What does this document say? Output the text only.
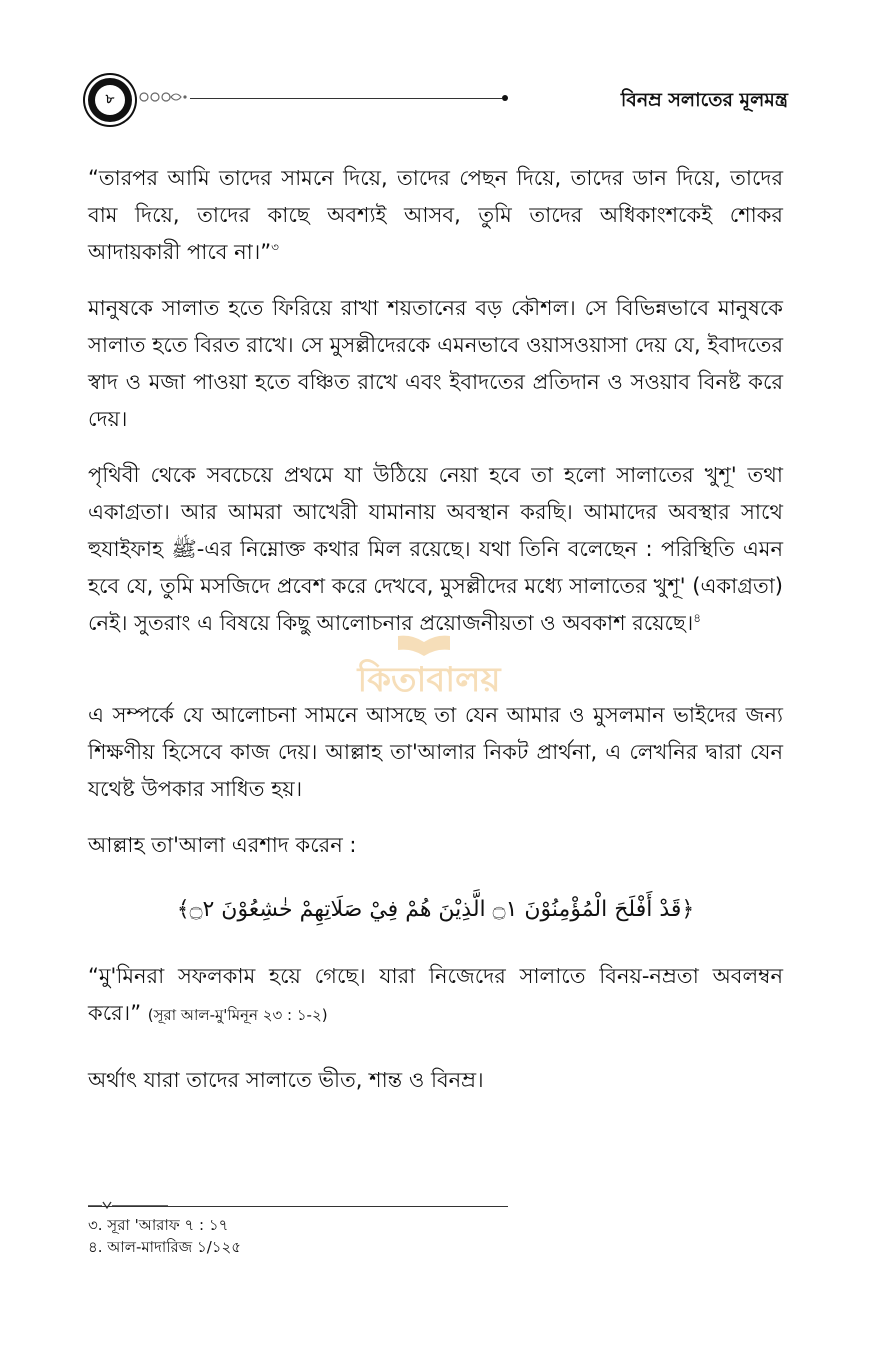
৮	বিনম্র সলাতের মূলমন্ত্র
“তারপর আমি তাদের সামনে দিয়ে, তাদের পেছন দিয়ে, তাদের ডান দিয়ে, তাদের বাম দিয়ে, তাদের কাছে অবশ্যই আসব, তুমি তাদের অধিকাংশকেই শোকর আদায়কারী পাবে না।”$^৩$
মানুষকে সালাত হতে ফিরিয়ে রাখা শয়তানের বড় কৌশল। সে বিভিন্নভাবে মানুষকে সালাত হতে বিরত রাখে। সে মুসল্লীদেরকে এমনভাবে ওয়াসওয়াসা দেয় যে, ইবাদতের স্বাদ ও মজা পাওয়া হতে বঞ্চিত রাখে এবং ইবাদতের প্রতিদান ও সওয়াব বিনষ্ট করে দেয়।
পৃথিবী থেকে সবচেয়ে প্রথমে যা উঠিয়ে নেয়া হবে তা হলো সালাতের খুশূ' তথা একাগ্রতা। আর আমরা আখেরী যামানায় অবস্থান করছি। আমাদের অবস্থার সাথে হুযাইফাহ ﷺ-এর নিম্নোক্ত কথার মিল রয়েছে। যথা তিনি বলেছেন : পরিস্থিতি এমন হবে যে, তুমি মসজিদে প্রবেশ করে দেখবে, মুসল্লীদের মধ্যে সালাতের খুশূ' (একাগ্রতা) নেই। সুতরাং এ বিষয়ে কিছু আলোচনার প্রয়োজনীয়তা ও অবকাশ রয়েছে।$^৪$
কিতাবালয়
এ সম্পর্কে যে আলোচনা সামনে আসছে তা যেন আমার ও মুসলমান ভাইদের জন্য শিক্ষণীয় হিসেবে কাজ দেয়। আল্লাহ তা'আলার নিকট প্রার্থনা, এ লেখনির দ্বারা যেন যথেষ্ট উপকার সাধিত হয়।
আল্লাহ তা'আলা এরশাদ করেন :
﴿قَدْ أَفْلَحَ الْمُؤْمِنُوْنَ ۝١ الَّذِيْنَ هُمْ فِيْ صَلَاتِهِمْ خٰشِعُوْنَ ۝٢﴾
“মু'মিনরা সফলকাম হয়ে গেছে। যারা নিজেদের সালাতে বিনয়-নম্রতা অবলম্বন করে।” (সূরা আল-মু'মিনূন ২৩ : ১-২)
অর্থাৎ যারা তাদের সালাতে ভীত, শান্ত ও বিনম্র।
৩. সূরা 'আরাফ ৭ : ১৭
৪. আল-মাদারিজ ১/১২৫
